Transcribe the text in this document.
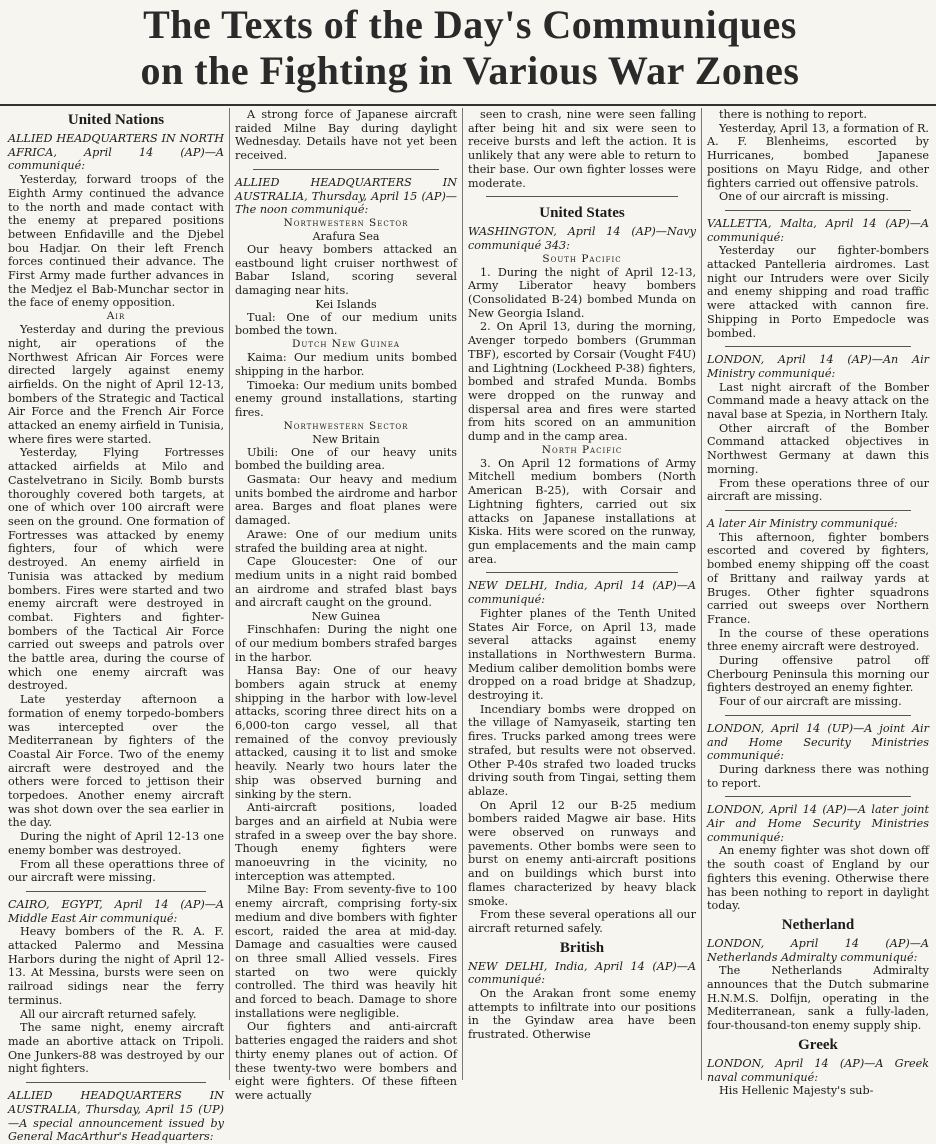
The Texts of the Day's Communiques
on the Fighting in Various War Zones
United Nations

ALLIED HEADQUARTERS IN NORTH AFRICA, April 14 (AP)—A communiqué:

Yesterday, forward troops of the Eighth Army continued the advance to the north and made contact with the enemy at prepared positions between Enfidaville and the Djebel bou Hadjar. On their left French forces continued their advance. The First Army made further advances in the Medjez el Bab-Munchar sector in the face of enemy opposition.

Air

Yesterday and during the previous night, air operations of the Northwest African Air Forces were directed largely against enemy airfields. On the night of April 12-13, bombers of the Strategic and Tactical Air Force and the French Air Force attacked an enemy airfield in Tunisia, where fires were started.

Yesterday, Flying Fortresses attacked airfields at Milo and Castelvetrano in Sicily. Bomb bursts thoroughly covered both targets, at one of which over 100 aircraft were seen on the ground. One formation of Fortresses was attacked by enemy fighters, four of which were destroyed. An enemy airfield in Tunisia was attacked by medium bombers. Fires were started and two enemy aircraft were destroyed in combat. Fighters and fighter-bombers of the Tactical Air Force carried out sweeps and patrols over the battle area, during the course of which one enemy aircraft was destroyed.

Late yesterday afternoon a formation of enemy torpedo-bombers was intercepted over the Mediterranean by fighters of the Coastal Air Force. Two of the enemy aircraft were destroyed and the others were forced to jettison their torpedoes. Another enemy aircraft was shot down over the sea earlier in the day.

During the night of April 12-13 one enemy bomber was destroyed.

From all these operattions three of our aircraft were missing.

CAIRO, EGYPT, April 14 (AP)—A Middle East Air communiqué:

Heavy bombers of the R. A. F. attacked Palermo and Messina Harbors during the night of April 12-13. At Messina, bursts were seen on railroad sidings near the ferry terminus.

All our aircraft returned safely.

The same night, enemy aircraft made an abortive attack on Tripoli. One Junkers-88 was destroyed by our night fighters.

ALLIED HEADQUARTERS IN AUSTRALIA, Thursday, April 15 (UP)—A special announcement issued by General MacArthur's Headquarters:

A strong force of Japanese aircraft raided Milne Bay during daylight Wednesday. Details have not yet been received.

ALLIED HEADQUARTERS IN AUSTRALIA, Thursday, April 15 (AP)—The noon communiqué:

Northwestern Sector
Arafura Sea

Our heavy bombers attacked an eastbound light cruiser northwest of Babar Island, scoring several damaging near hits.

Kei Islands

Tual: One of our medium units bombed the town.

Dutch New Guinea

Kaima: Our medium units bombed shipping in the harbor.

Timoeka: Our medium units bombed enemy ground installations, starting fires.

Northwestern Sector
New Britain

Ubili: One of our heavy units bombed the building area.

Gasmata: Our heavy and medium units bombed the airdrome and harbor area. Barges and float planes were damaged.

Arawe: One of our medium units strafed the building area at night.

Cape Gloucester: One of our medium units in a night raid bombed an airdrome and strafed blast bays and aircraft caught on the ground.

New Guinea

Finschhafen: During the night one of our medium bombers strafed barges in the harbor.

Hansa Bay: One of our heavy bombers again struck at enemy shipping in the harbor with low-level attacks, scoring three direct hits on a 6,000-ton cargo vessel, all that remained of the convoy previously attacked, causing it to list and smoke heavily. Nearly two hours later the ship was observed burning and sinking by the stern.

Anti-aircraft positions, loaded barges and an airfield at Nubia were strafed in a sweep over the bay shore. Though enemy fighters were manoeuvring in the vicinity, no interception was attempted.

Milne Bay: From seventy-five to 100 enemy aircraft, comprising forty-six medium and dive bombers with fighter escort, raided the area at mid-day. Damage and casualties were caused on three small Allied vessels. Fires started on two were quickly controlled. The third was heavily hit and forced to beach. Damage to shore installations were negligible.

Our fighters and anti-aircraft batteries engaged the raiders and shot thirty enemy planes out of action. Of these twenty-two were bombers and eight were fighters. Of these fifteen were actually

seen to crash, nine were seen falling after being hit and six were seen to receive bursts and left the action. It is unlikely that any were able to return to their base. Our own fighter losses were moderate.

United States

WASHINGTON, April 14 (AP)—Navy communiqué 343:

South Pacific

1. During the night of April 12-13, Army Liberator heavy bombers (Consolidated B-24) bombed Munda on New Georgia Island.

2. On April 13, during the morning, Avenger torpedo bombers (Grumman TBF), escorted by Corsair (Vought F4U) and Lightning (Lockheed P-38) fighters, bombed and strafed Munda. Bombs were dropped on the runway and dispersal area and fires were started from hits scored on an ammunition dump and in the camp area.

North Pacific

3. On April 12 formations of Army Mitchell medium bombers (North American B-25), with Corsair and Lightning fighters, carried out six attacks on Japanese installations at Kiska. Hits were scored on the runway, gun emplacements and the main camp area.

NEW DELHI, India, April 14 (AP)—A communiqué:

Fighter planes of the Tenth United States Air Force, on April 13, made several attacks against enemy installations in Northwestern Burma. Medium caliber demolition bombs were dropped on a road bridge at Shadzup, destroying it.

Incendiary bombs were dropped on the village of Namyaseik, starting ten fires. Trucks parked among trees were strafed, but results were not observed. Other P-40s strafed two loaded trucks driving south from Tingai, setting them ablaze.

On April 12 our B-25 medium bombers raided Magwe air base. Hits were observed on runways and pavements. Other bombs were seen to burst on enemy anti-aircraft positions and on buildings which burst into flames characterized by heavy black smoke.

From these several operations all our aircraft returned safely.

British

NEW DELHI, India, April 14 (AP)—A communiqué:

On the Arakan front some enemy attempts to infiltrate into our positions in the Gyindaw area have been frustrated. Otherwise

there is nothing to report.

Yesterday, April 13, a formation of R. A. F. Blenheims, escorted by Hurricanes, bombed Japanese positions on Mayu Ridge, and other fighters carried out offensive patrols.

One of our aircraft is missing.

VALLETTA, Malta, April 14 (AP)—A communiqué:

Yesterday our fighter-bombers attacked Pantelleria airdromes. Last night our Intruders were over Sicily and enemy shipping and road traffic were attacked with cannon fire. Shipping in Porto Empedocle was bombed.

LONDON, April 14 (AP)—An Air Ministry communiqué:

Last night aircraft of the Bomber Command made a heavy attack on the naval base at Spezia, in Northern Italy.

Other aircraft of the Bomber Command attacked objectives in Northwest Germany at dawn this morning.

From these operations three of our aircraft are missing.

A later Air Ministry communiqué:

This afternoon, fighter bombers escorted and covered by fighters, bombed enemy shipping off the coast of Brittany and railway yards at Bruges. Other fighter squadrons carried out sweeps over Northern France.

In the course of these operations three enemy aircraft were destroyed.

During offensive patrol off Cherbourg Peninsula this morning our fighters destroyed an enemy fighter.

Four of our aircraft are missing.

LONDON, April 14 (UP)—A joint Air and Home Security Ministries communiqué:

During darkness there was nothing to report.

LONDON, April 14 (AP)—A later joint Air and Home Security Ministries communiqué:

An enemy fighter was shot down off the south coast of England by our fighters this evening. Otherwise there has been nothing to report in daylight today.

Netherland

LONDON, April 14 (AP)—A Netherlands Admiralty communiqué:

The Netherlands Admiralty announces that the Dutch submarine H.N.M.S. Dolfijn, operating in the Mediterranean, sank a fully-laden, four-thousand-ton enemy supply ship.

Greek

LONDON, April 14 (AP)—A Greek naval communiqué:

His Hellenic Majesty's sub-
